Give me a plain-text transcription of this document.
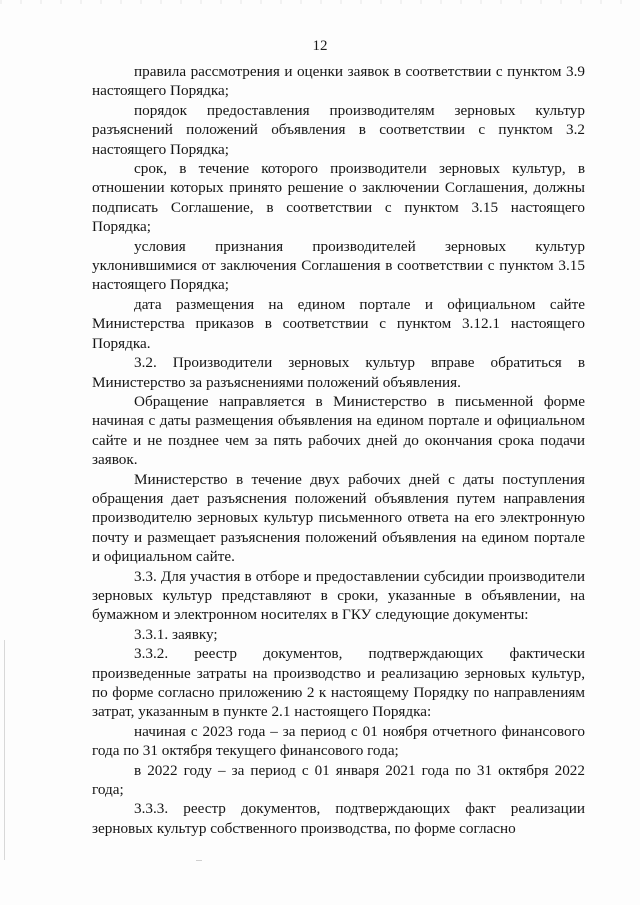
12

правила рассмотрения и оценки заявок в соответствии с пунктом 3.9 настоящего Порядка;

порядок предоставления производителям зерновых культур разъяснений положений объявления в соответствии с пунктом 3.2 настоящего Порядка;

срок, в течение которого производители зерновых культур, в отношении которых принято решение о заключении Соглашения, должны подписать Соглашение, в соответствии с пунктом 3.15 настоящего Порядка;

условия признания производителей зерновых культур уклонившимися от заключения Соглашения в соответствии с пунктом 3.15 настоящего Порядка;

дата размещения на едином портале и официальном сайте Министерства приказов в соответствии с пунктом 3.12.1 настоящего Порядка.

3.2. Производители зерновых культур вправе обратиться в Министерство за разъяснениями положений объявления.

Обращение направляется в Министерство в письменной форме начиная с даты размещения объявления на едином портале и официальном сайте и не позднее чем за пять рабочих дней до окончания срока подачи заявок.

Министерство в течение двух рабочих дней с даты поступления обращения дает разъяснения положений объявления путем направления производителю зерновых культур письменного ответа на его электронную почту и размещает разъяснения положений объявления на едином портале и официальном сайте.

3.3. Для участия в отборе и предоставлении субсидии производители зерновых культур представляют в сроки, указанные в объявлении, на бумажном и электронном носителях в ГКУ следующие документы:

3.3.1. заявку;

3.3.2. реестр документов, подтверждающих фактически произведенные затраты на производство и реализацию зерновых культур, по форме согласно приложению 2 к настоящему Порядку по направлениям затрат, указанным в пункте 2.1 настоящего Порядка:

начиная с 2023 года – за период с 01 ноября отчетного финансового года по 31 октября текущего финансового года;

в 2022 году – за период с 01 января 2021 года по 31 октября 2022 года;

3.3.3. реестр документов, подтверждающих факт реализации зерновых культур собственного производства, по форме согласно
